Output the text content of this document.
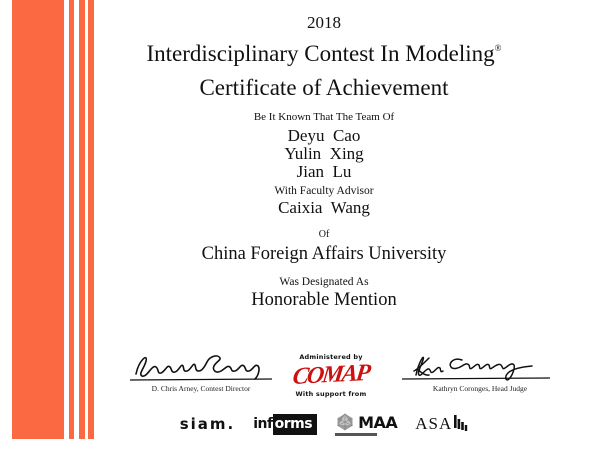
2018
Interdisciplinary Contest In Modeling®
Certificate of Achievement
Be It Known That The Team Of
Deyu  Cao
Yulin  Xing
Jian  Lu
With Faculty Advisor
Caixia  Wang
Of
China Foreign Affairs University
Was Designated As
Honorable Mention
D. Chris Arney, Contest Director
Administered by
COMAP
With support from
Kathryn Coronges, Head Judge
siam. inf orms	MAA ASA
